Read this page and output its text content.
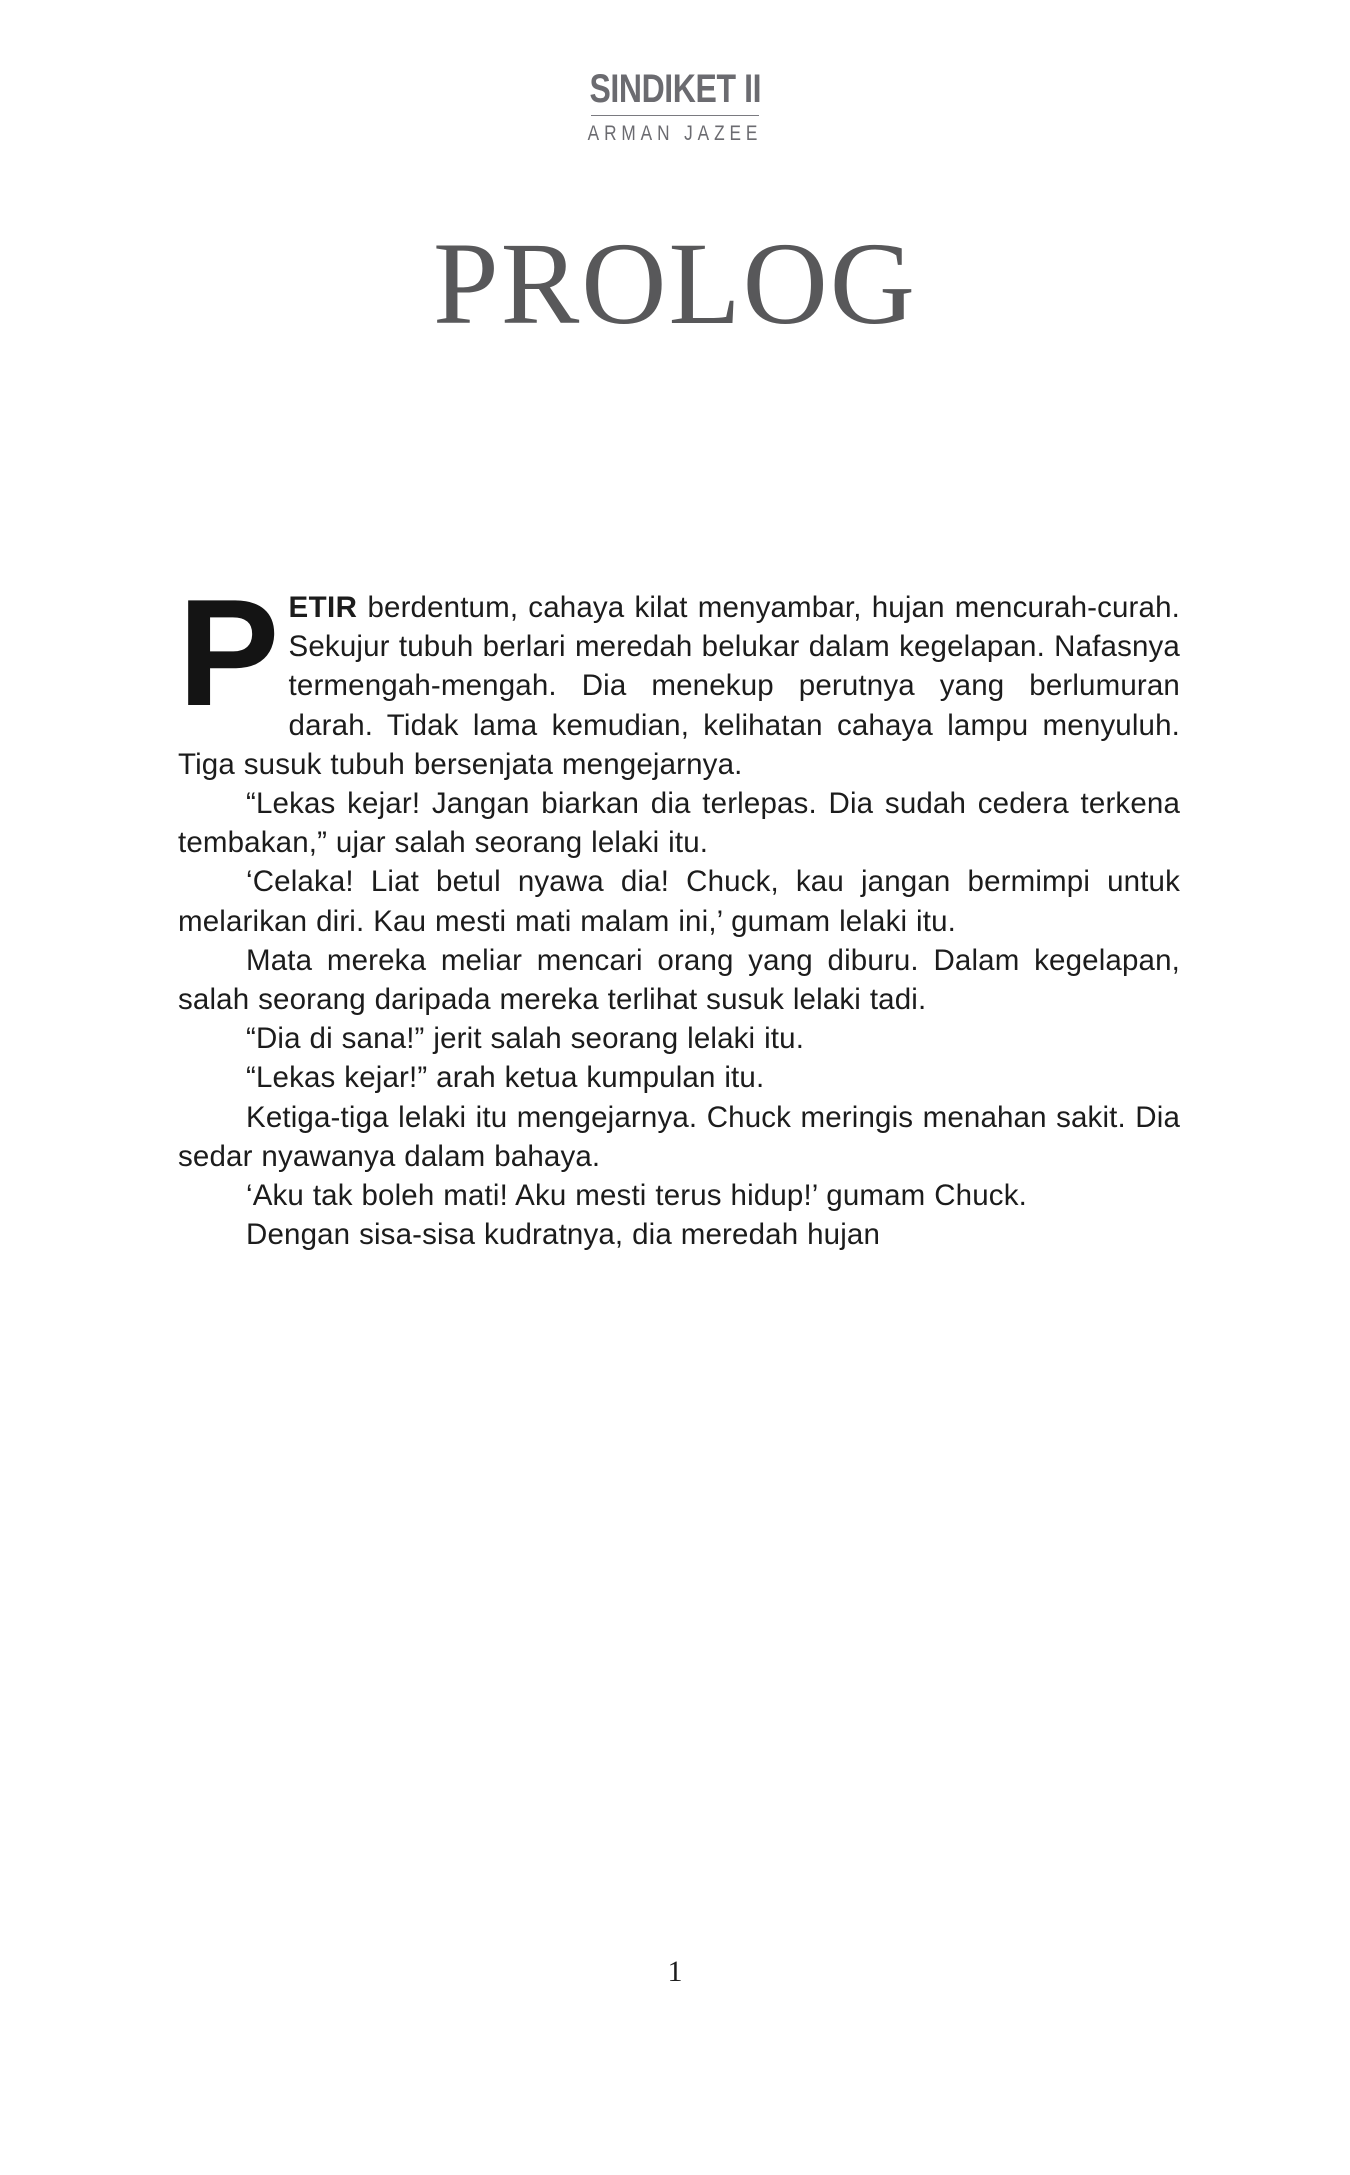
SINDIKET II
ARMAN JAZEE
PROLOG

PETIR berdentum, cahaya kilat menyambar, hujan mencurah-curah. Sekujur tubuh berlari meredah belukar dalam kegelapan. Nafasnya termengah-mengah. Dia menekup perutnya yang berlumuran darah. Tidak lama kemudian, kelihatan cahaya lampu menyuluh. Tiga susuk tubuh bersenjata mengejarnya.

“Lekas kejar! Jangan biarkan dia terlepas. Dia sudah cedera terkena tembakan,” ujar salah seorang lelaki itu.

‘Celaka! Liat betul nyawa dia! Chuck, kau jangan bermimpi untuk melarikan diri. Kau mesti mati malam ini,’ gumam lelaki itu.

Mata mereka meliar mencari orang yang diburu. Dalam kegelapan, salah seorang daripada mereka terlihat susuk lelaki tadi.

“Dia di sana!” jerit salah seorang lelaki itu.

“Lekas kejar!” arah ketua kumpulan itu.

Ketiga-tiga lelaki itu mengejarnya. Chuck meringis menahan sakit. Dia sedar nyawanya dalam bahaya.

‘Aku tak boleh mati! Aku mesti terus hidup!’ gumam Chuck.

Dengan sisa-sisa kudratnya, dia meredah hujan

1
